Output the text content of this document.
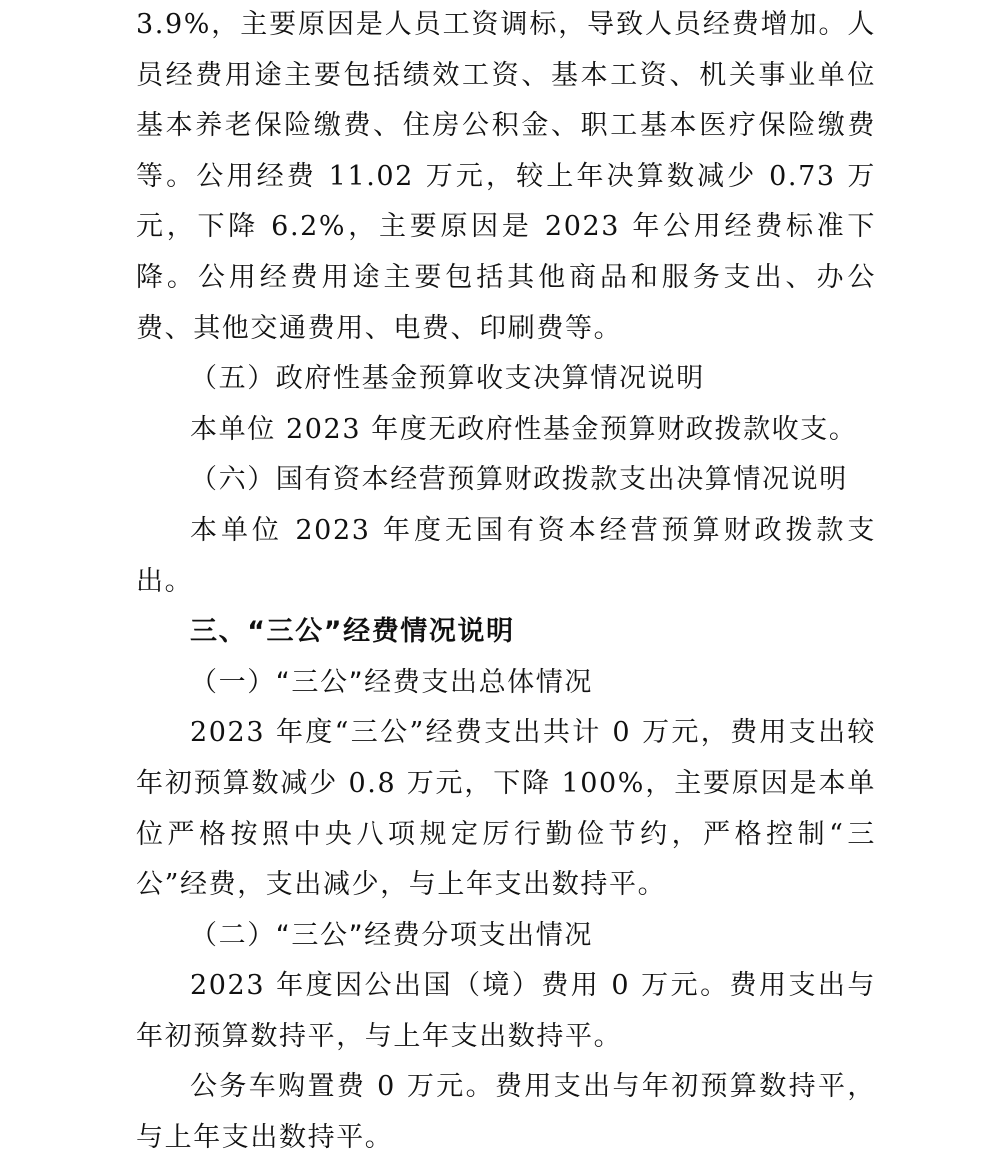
3.9%，主要原因是人员工资调标，导致人员经费增加。人员经费用途主要包括绩效工资、基本工资、机关事业单位基本养老保险缴费、住房公积金、职工基本医疗保险缴费等。公用经费 11.02 万元，较上年决算数减少 0.73 万元，下降 6.2%，主要原因是 2023 年公用经费标准下降。公用经费用途主要包括其他商品和服务支出、办公费、其他交通费用、电费、印刷费等。

（五）政府性基金预算收支决算情况说明

本单位 2023 年度无政府性基金预算财政拨款收支。

（六）国有资本经营预算财政拨款支出决算情况说明

本单位 2023 年度无国有资本经营预算财政拨款支出。

三、“三公”经费情况说明

（一）“三公”经费支出总体情况

2023 年度“三公”经费支出共计 0 万元，费用支出较年初预算数减少 0.8 万元，下降 100%，主要原因是本单位严格按照中央八项规定厉行勤俭节约，严格控制“三公”经费，支出减少，与上年支出数持平。

（二）“三公”经费分项支出情况

2023 年度因公出国（境）费用 0 万元。费用支出与年初预算数持平，与上年支出数持平。

公务车购置费 0 万元。费用支出与年初预算数持平，与上年支出数持平。
